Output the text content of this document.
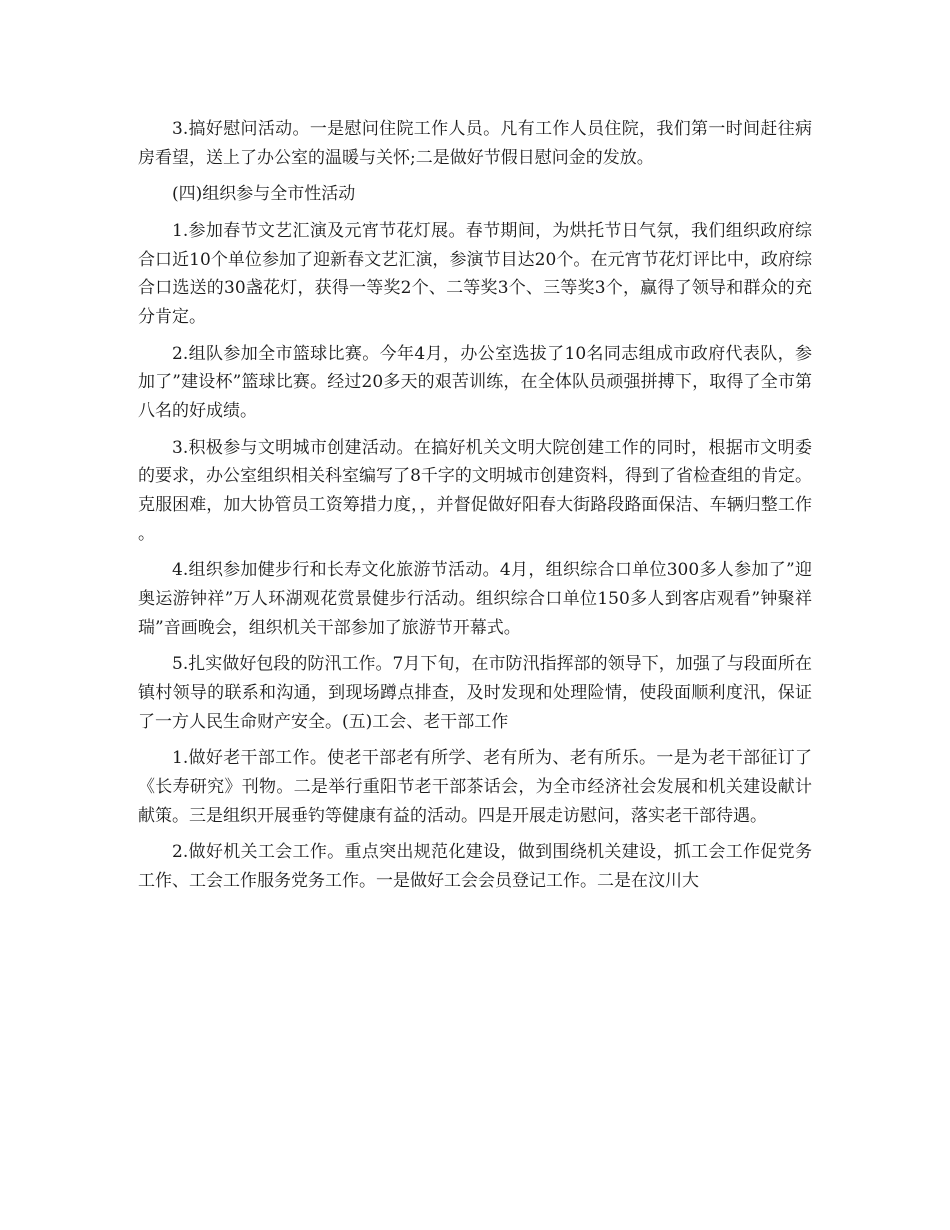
3.搞好慰问活动。一是慰问住院工作人员。凡有工作人员住院，我们第一时间赶往病房看望，送上了办公室的温暖与关怀;二是做好节假日慰问金的发放。

(四)组织参与全市性活动

1.参加春节文艺汇演及元宵节花灯展。春节期间，为烘托节日气氛，我们组织政府综合口近10个单位参加了迎新春文艺汇演，参演节目达20个。在元宵节花灯评比中，政府综合口选送的30盏花灯，获得一等奖2个、二等奖3个、三等奖3个，赢得了领导和群众的充分肯定。

2.组队参加全市篮球比赛。今年4月，办公室选拔了10名同志组成市政府代表队，参加了”建设杯”篮球比赛。经过20多天的艰苦训练，在全体队员顽强拼搏下，取得了全市第八名的好成绩。

3.积极参与文明城市创建活动。在搞好机关文明大院创建工作的同时，根据市文明委的要求，办公室组织相关科室编写了8千字的文明城市创建资料，得到了省检查组的肯定。克服困难，加大协管员工资筹措力度，，并督促做好阳春大街路段路面保洁、车辆归整工作。

4.组织参加健步行和长寿文化旅游节活动。4月，组织综合口单位300多人参加了”迎奥运游钟祥”万人环湖观花赏景健步行活动。组织综合口单位150多人到客店观看”钟聚祥瑞”音画晚会，组织机关干部参加了旅游节开幕式。

5.扎实做好包段的防汛工作。7月下旬，在市防汛指挥部的领导下，加强了与段面所在镇村领导的联系和沟通，到现场蹲点排查，及时发现和处理险情，使段面顺利度汛，保证了一方人民生命财产安全。(五)工会、老干部工作

1.做好老干部工作。使老干部老有所学、老有所为、老有所乐。一是为老干部征订了《长寿研究》刊物。二是举行重阳节老干部茶话会，为全市经济社会发展和机关建设献计献策。三是组织开展垂钓等健康有益的活动。四是开展走访慰问，落实老干部待遇。

2.做好机关工会工作。重点突出规范化建设，做到围绕机关建设，抓工会工作促党务工作、工会工作服务党务工作。一是做好工会会员登记工作。二是在汶川大
